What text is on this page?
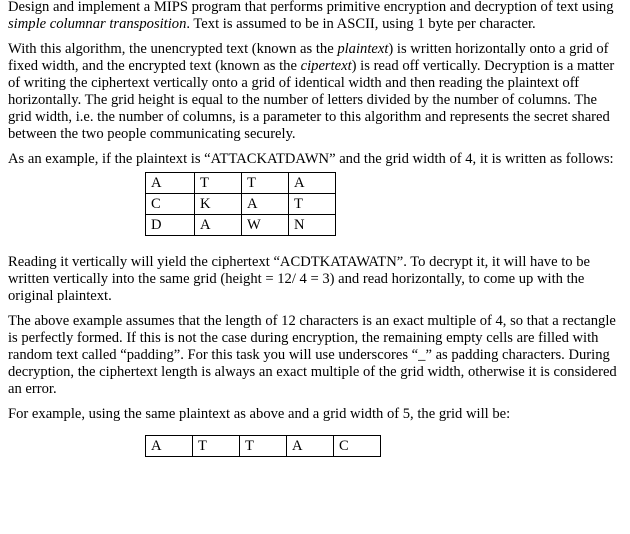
Design and implement a MIPS program that performs primitive encryption and decryption of text using simple columnar transposition. Text is assumed to be in ASCII, using 1 byte per character.

With this algorithm, the unencrypted text (known as the plaintext) is written horizontally onto a grid of fixed width, and the encrypted text (known as the cipertext) is read off vertically. Decryption is a matter of writing the ciphertext vertically onto a grid of identical width and then reading the plaintext off horizontally. The grid height is equal to the number of letters divided by the number of columns. The grid width, i.e. the number of columns, is a parameter to this algorithm and represents the secret shared between the two people communicating securely.

As an example, if the plaintext is “ATTACKATDAWN” and the grid width of 4, it is written as follows:

A	T	T	A
C	K	A	T
D	A	W	N

Reading it vertically will yield the ciphertext “ACDTKATAWATN”. To decrypt it, it will have to be written vertically into the same grid (height = 12/ 4 = 3) and read horizontally, to come up with the original plaintext.

The above example assumes that the length of 12 characters is an exact multiple of 4, so that a rectangle is perfectly formed. If this is not the case during encryption, the remaining empty cells are filled with random text called “padding”. For this task you will use underscores “_” as padding characters. During decryption, the ciphertext length is always an exact multiple of the grid width, otherwise it is considered an error.

For example, using the same plaintext as above and a grid width of 5, the grid will be:

A	T	T	A	C
